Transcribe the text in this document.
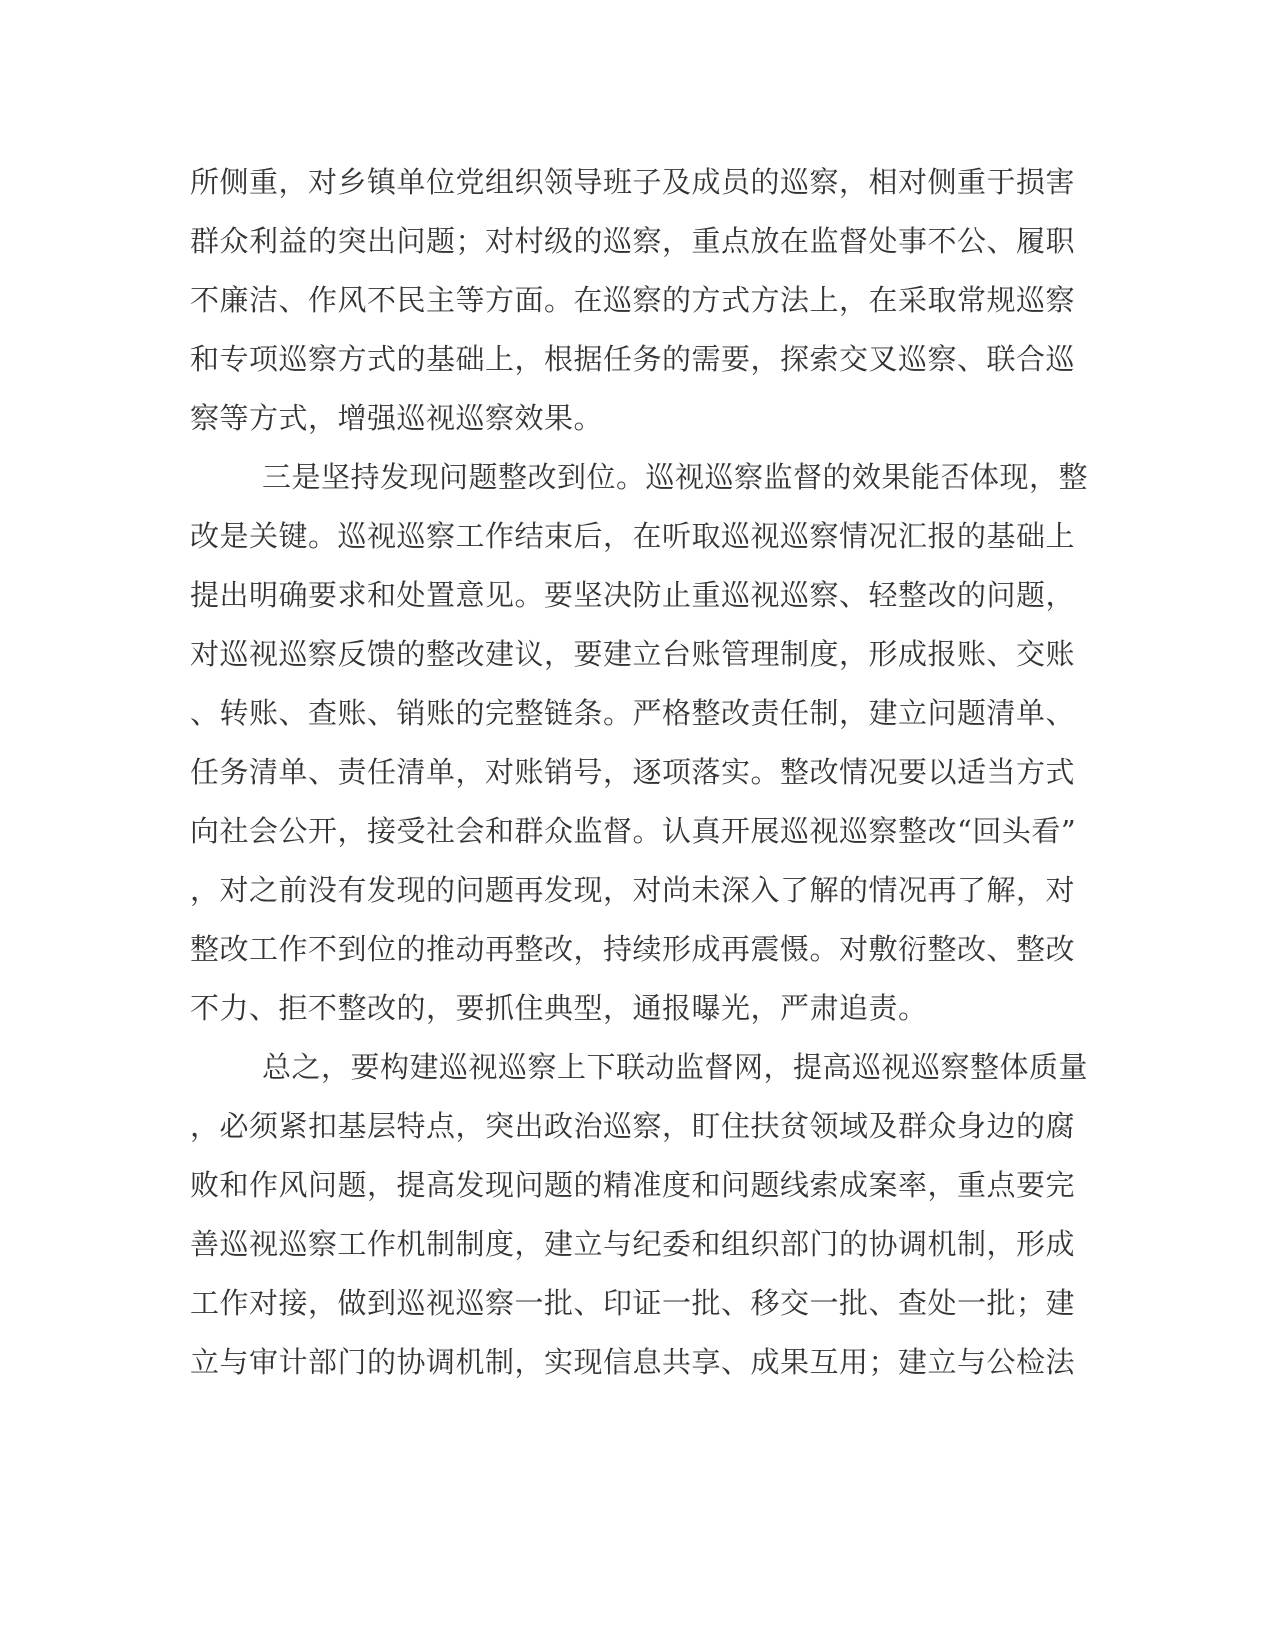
所侧重，对乡镇单位党组织领导班子及成员的巡察，相对侧重于损害

群众利益的突出问题；对村级的巡察，重点放在监督处事不公、履职

不廉洁、作风不民主等方面。在巡察的方式方法上，在采取常规巡察

和专项巡察方式的基础上，根据任务的需要，探索交叉巡察、联合巡

察等方式，增强巡视巡察效果。

三是坚持发现问题整改到位。巡视巡察监督的效果能否体现，整

改是关键。巡视巡察工作结束后，在听取巡视巡察情况汇报的基础上

提出明确要求和处置意见。要坚决防止重巡视巡察、轻整改的问题，

对巡视巡察反馈的整改建议，要建立台账管理制度，形成报账、交账

、转账、查账、销账的完整链条。严格整改责任制，建立问题清单、

任务清单、责任清单，对账销号，逐项落实。整改情况要以适当方式

向社会公开，接受社会和群众监督。认真开展巡视巡察整改“回头看”

，对之前没有发现的问题再发现，对尚未深入了解的情况再了解，对

整改工作不到位的推动再整改，持续形成再震慑。对敷衍整改、整改

不力、拒不整改的，要抓住典型，通报曝光，严肃追责。

总之，要构建巡视巡察上下联动监督网，提高巡视巡察整体质量

，必须紧扣基层特点，突出政治巡察，盯住扶贫领域及群众身边的腐

败和作风问题，提高发现问题的精准度和问题线索成案率，重点要完

善巡视巡察工作机制制度，建立与纪委和组织部门的协调机制，形成

工作对接，做到巡视巡察一批、印证一批、移交一批、查处一批；建

立与审计部门的协调机制，实现信息共享、成果互用；建立与公检法
